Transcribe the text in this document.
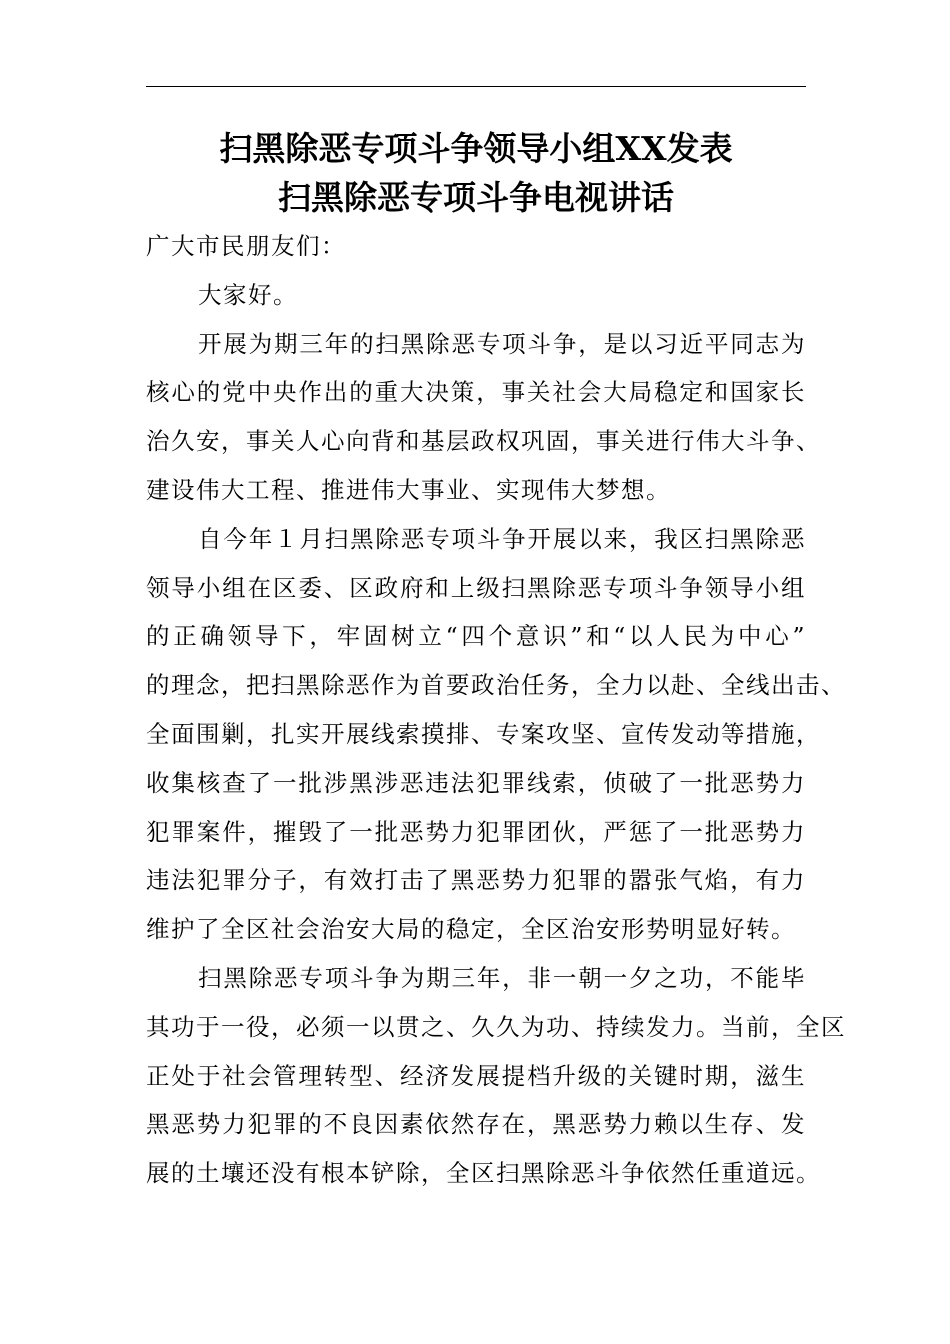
扫黑除恶专项斗争领导小组XX发表
扫黑除恶专项斗争电视讲话
广大市民朋友们：
大家好。
开展为期三年的扫黑除恶专项斗争，是以习近平同志为
核心的党中央作出的重大决策，事关社会大局稳定和国家长
治久安，事关人心向背和基层政权巩固，事关进行伟大斗争、
建设伟大工程、推进伟大事业、实现伟大梦想。
自今年１月扫黑除恶专项斗争开展以来，我区扫黑除恶
领导小组在区委、区政府和上级扫黑除恶专项斗争领导小组
的正确领导下，牢固树立“四个意识”和“以人民为中心”
的理念，把扫黑除恶作为首要政治任务，全力以赴、全线出击、
全面围剿，扎实开展线索摸排、专案攻坚、宣传发动等措施，
收集核查了一批涉黑涉恶违法犯罪线索，侦破了一批恶势力
犯罪案件，摧毁了一批恶势力犯罪团伙，严惩了一批恶势力
违法犯罪分子，有效打击了黑恶势力犯罪的嚣张气焰，有力
维护了全区社会治安大局的稳定，全区治安形势明显好转。
扫黑除恶专项斗争为期三年，非一朝一夕之功，不能毕
其功于一役，必须一以贯之、久久为功、持续发力。当前，全区
正处于社会管理转型、经济发展提档升级的关键时期，滋生
黑恶势力犯罪的不良因素依然存在，黑恶势力赖以生存、发
展的土壤还没有根本铲除，全区扫黑除恶斗争依然任重道远。
